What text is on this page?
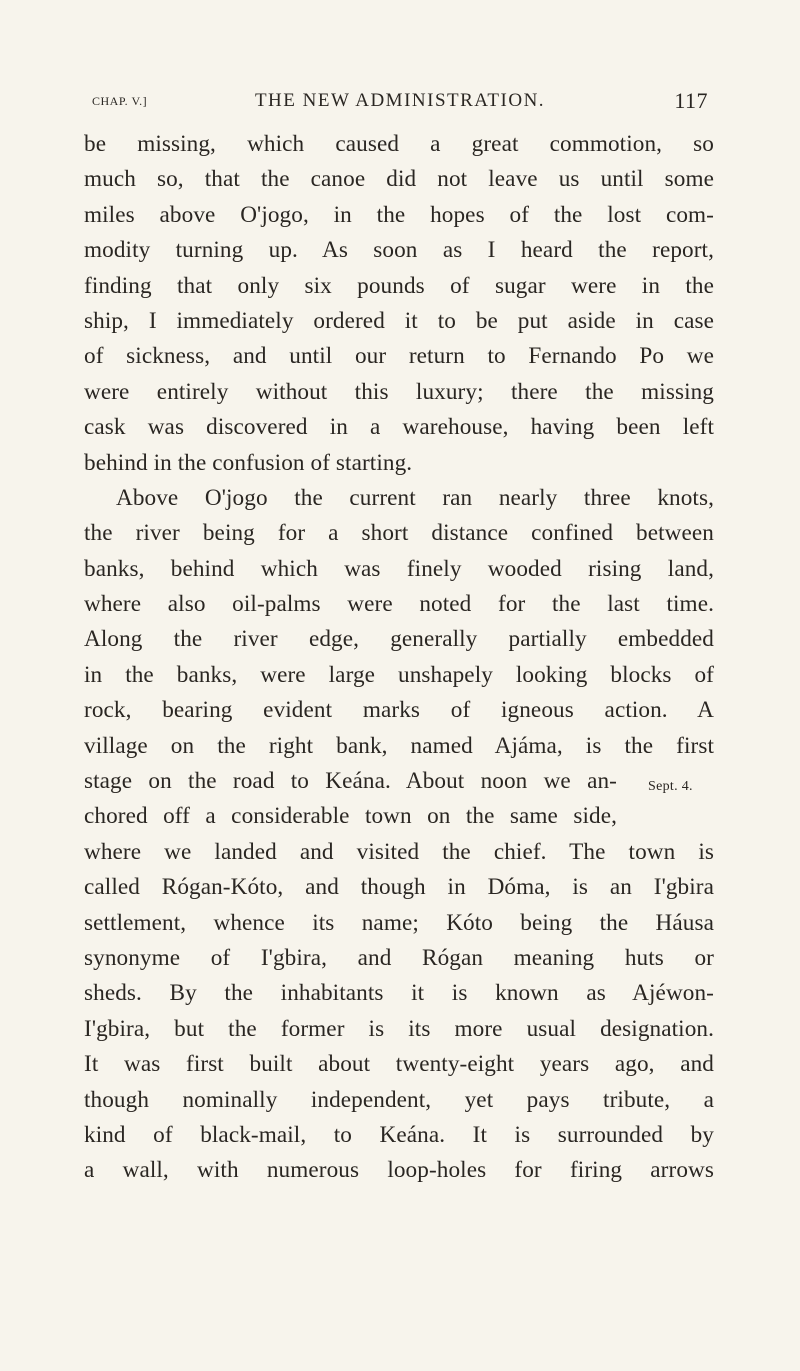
CHAP. V.]	THE NEW ADMINISTRATION.	117
be missing, which caused a great commotion, so
much so, that the canoe did not leave us until some
miles above O'jogo, in the hopes of the lost com-
modity turning up. As soon as I heard the report,
finding that only six pounds of sugar were in the
ship, I immediately ordered it to be put aside in case
of sickness, and until our return to Fernando Po we
were entirely without this luxury; there the missing
cask was discovered in a warehouse, having been left
behind in the confusion of starting.
Above O'jogo the current ran nearly three knots,
the river being for a short distance confined between
banks, behind which was finely wooded rising land,
where also oil-palms were noted for the last time.
Along the river edge, generally partially embedded
in the banks, were large unshapely looking blocks of
rock, bearing evident marks of igneous action. A
village on the right bank, named Ajáma, is the first
stage on the road to Keána. About noon we an-
chored off a considerable town on the same side,
where we landed and visited the chief. The town is
called Rógan-Kóto, and though in Dóma, is an I'gbira
settlement, whence its name; Kóto being the Háusa
synonyme of I'gbira, and Rógan meaning huts or
sheds. By the inhabitants it is known as Ajéwon-
I'gbira, but the former is its more usual designation.
It was first built about twenty-eight years ago, and
though nominally independent, yet pays tribute, a
kind of black-mail, to Keána. It is surrounded by
a wall, with numerous loop-holes for firing arrows
Sept. 4.
